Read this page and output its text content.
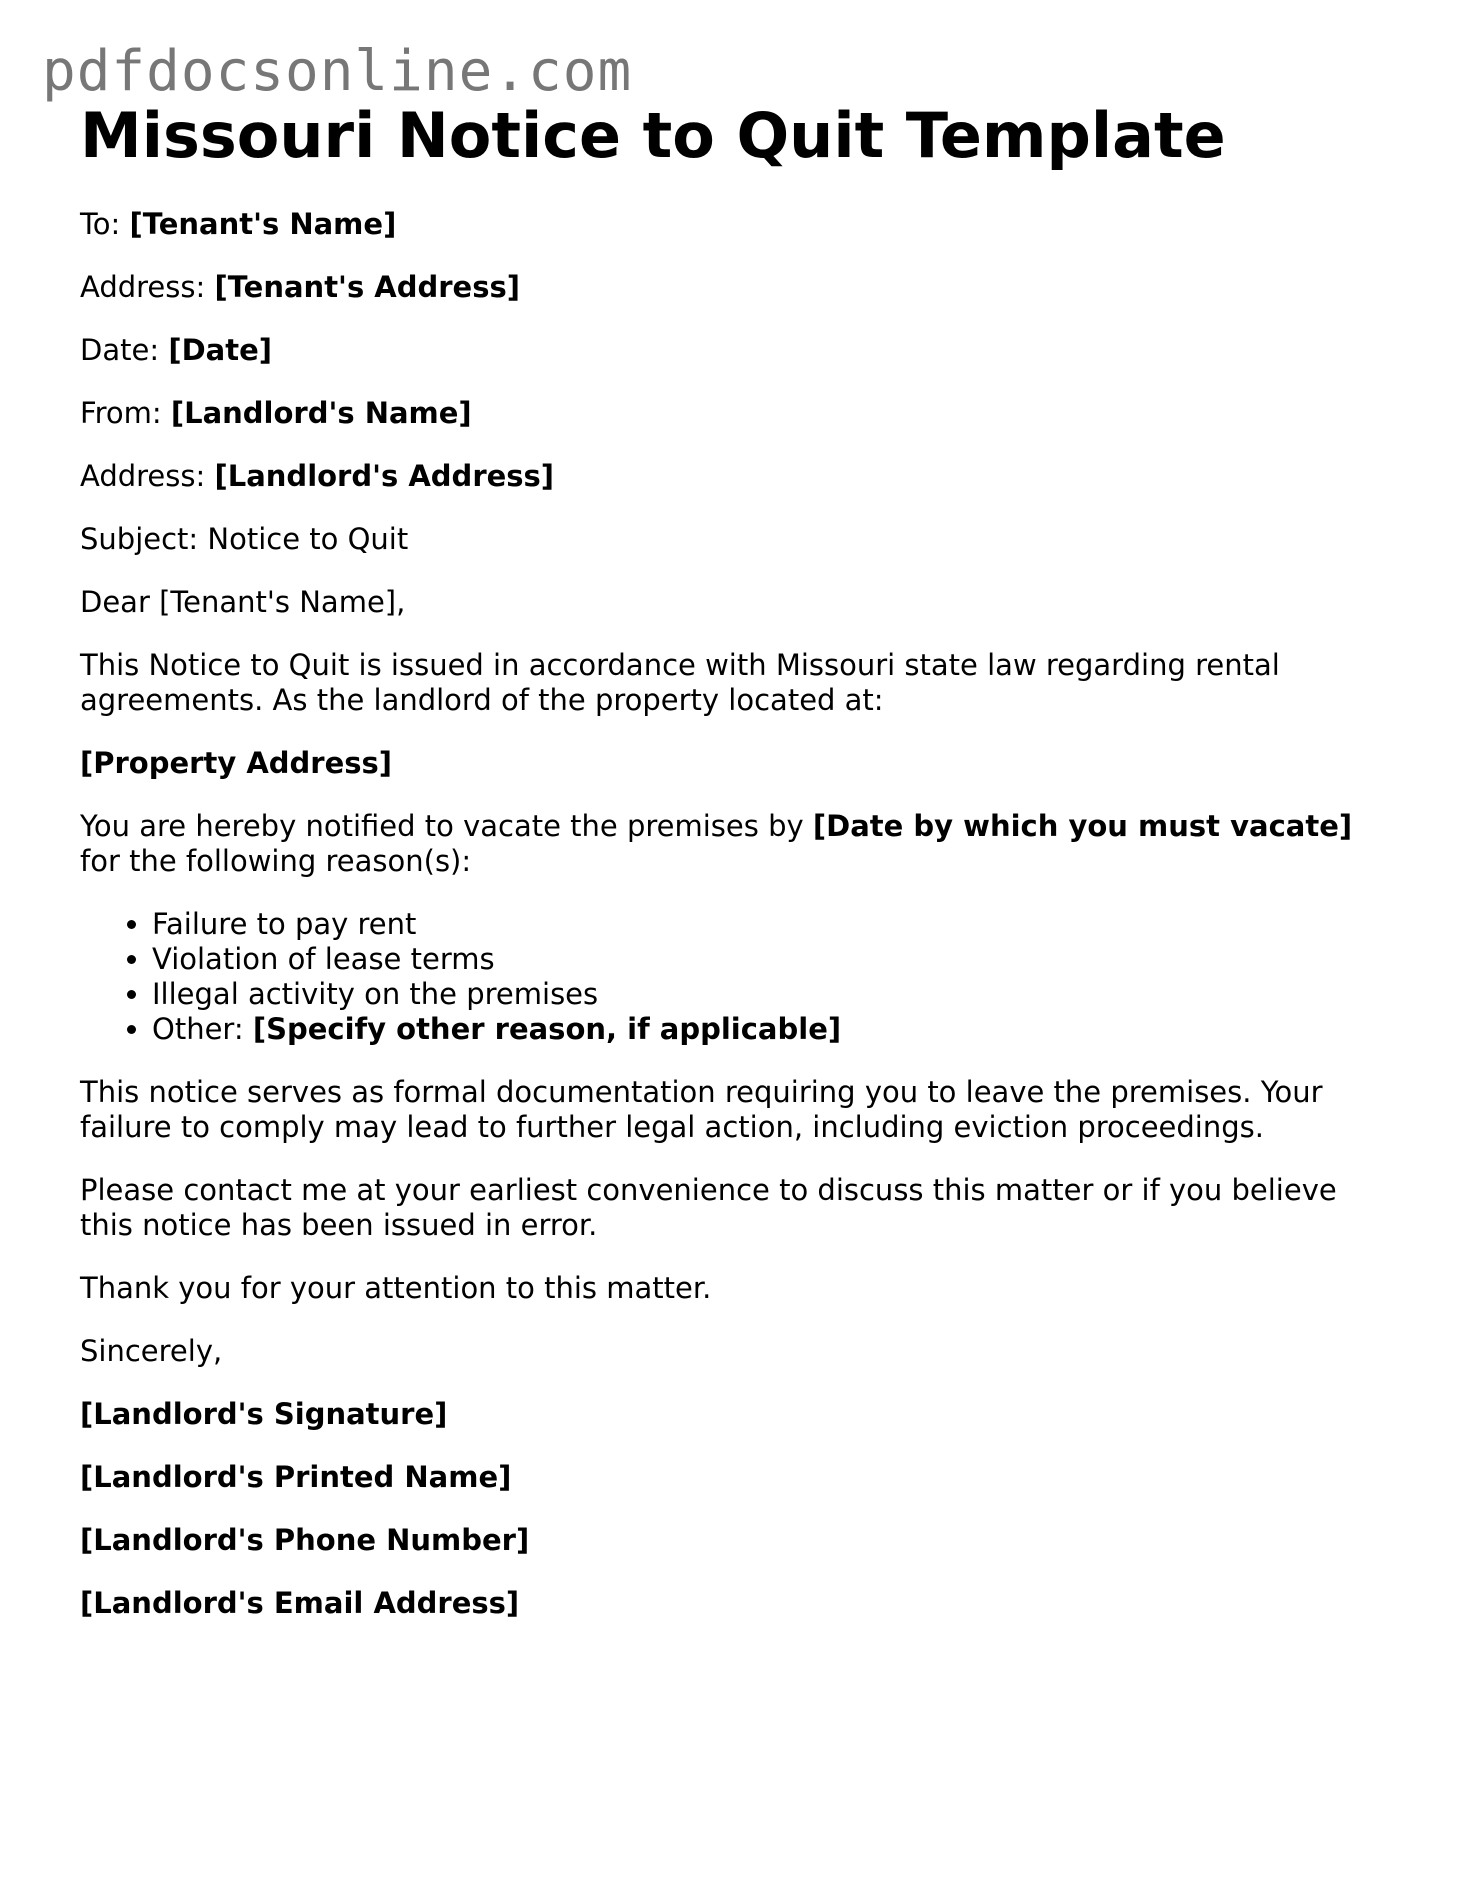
pdfdocsonline.com
Missouri Notice to Quit Template

To: [Tenant's Name]

Address: [Tenant's Address]

Date: [Date]

From: [Landlord's Name]

Address: [Landlord's Address]

Subject: Notice to Quit

Dear [Tenant's Name],

This Notice to Quit is issued in accordance with Missouri state law regarding rental agreements. As the landlord of the property located at:

[Property Address]

You are hereby notified to vacate the premises by [Date by which you must vacate] for the following reason(s):

• Failure to pay rent
• Violation of lease terms
• Illegal activity on the premises
• Other: [Specify other reason, if applicable]

This notice serves as formal documentation requiring you to leave the premises. Your failure to comply may lead to further legal action, including eviction proceedings.

Please contact me at your earliest convenience to discuss this matter or if you believe this notice has been issued in error.

Thank you for your attention to this matter.

Sincerely,

[Landlord's Signature]

[Landlord's Printed Name]

[Landlord's Phone Number]

[Landlord's Email Address]
